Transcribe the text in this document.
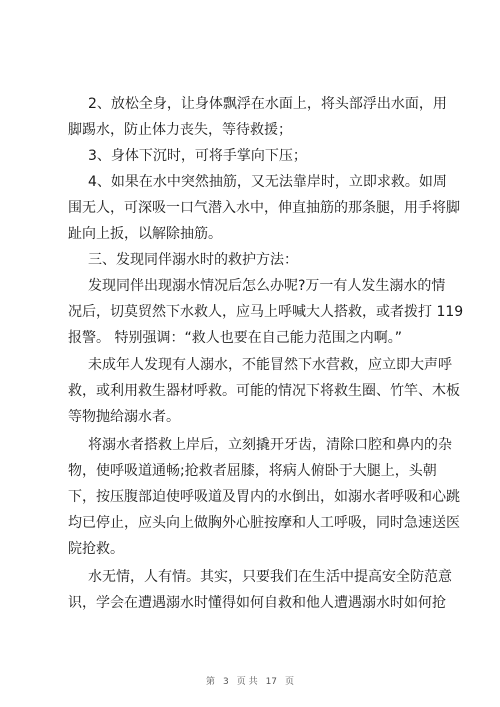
2、放松全身，让身体飘浮在水面上，将头部浮出水面，用
脚踢水，防止体力丧失，等待救援；
3、身体下沉时，可将手掌向下压；
4、如果在水中突然抽筋，又无法靠岸时，立即求救。如周
围无人，可深吸一口气潜入水中，伸直抽筋的那条腿，用手将脚
趾向上扳，以解除抽筋。
三、发现同伴溺水时的救护方法：
发现同伴出现溺水情况后怎么办呢?万一有人发生溺水的情
况后，切莫贸然下水救人，应马上呼喊大人搭救，或者拨打 119
报警。 特别强调：“救人也要在自己能力范围之内啊。”
未成年人发现有人溺水，不能冒然下水营救，应立即大声呼
救，或利用救生器材呼救。可能的情况下将救生圈、竹竿、木板
等物抛给溺水者。
将溺水者搭救上岸后，立刻撬开牙齿，清除口腔和鼻内的杂
物，使呼吸道通畅;抢救者屈膝，将病人俯卧于大腿上，头朝
下，按压腹部迫使呼吸道及胃内的水倒出，如溺水者呼吸和心跳
均已停止，应头向上做胸外心脏按摩和人工呼吸，同时急速送医
院抢救。
水无情，人有情。其实，只要我们在生活中提高安全防范意
识，学会在遭遇溺水时懂得如何自救和他人遭遇溺水时如何抢
第 3 页 共 17 页
